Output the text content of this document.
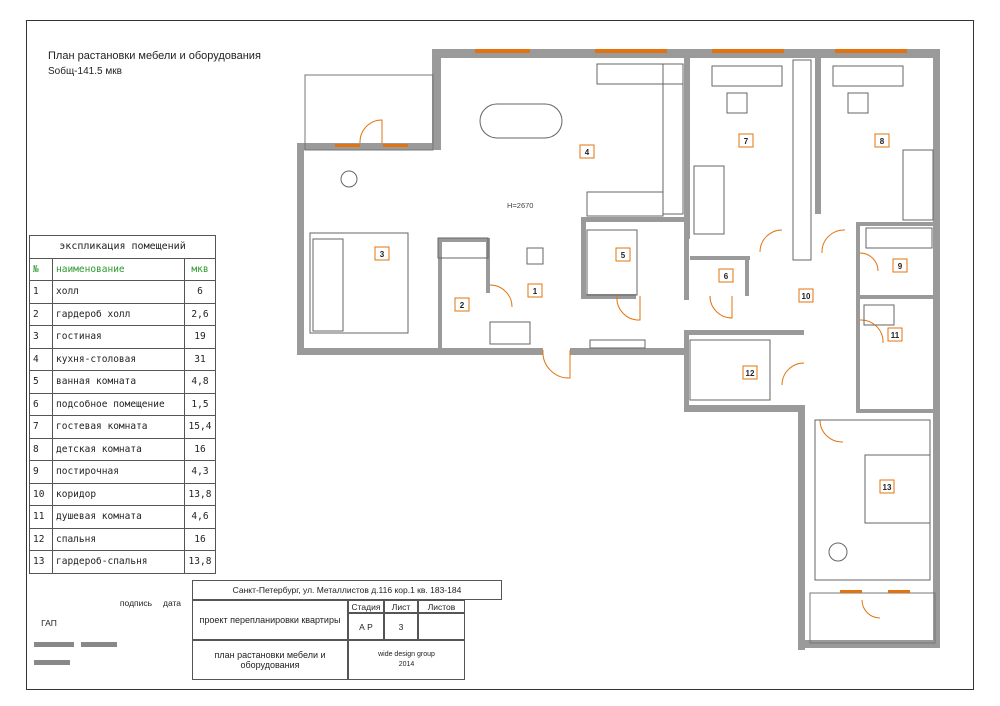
План растановки мебели и оборудования
Sобщ-141.5 мкв
1
2
3
4
5
6
7	8
9
10
11
12
13
H=2670
экспликация помещений		
№	наименование	мкв
1	холл	6
2	гардероб холл	2,6
3	гостиная	19
4	кухня-столовая	31
5	ванная комната	4,8
6	подсобное помещение	1,5
7	гостевая комната	15,4
8	детская комната	16
9	постирочная	4,3
10	коридор	13,8
11	душевая комната	4,6
12	спальня	16
13	гардероб-спальня	13,8
Санкт-Петербург, ул. Металлистов д.116 кор.1 кв. 183-184
подпись	дата
ГАП	проект перепланировки квартиры
Стадия	Лист	Листов
А Р	3
план растановки мебели и оборудования
wide design group
2014
